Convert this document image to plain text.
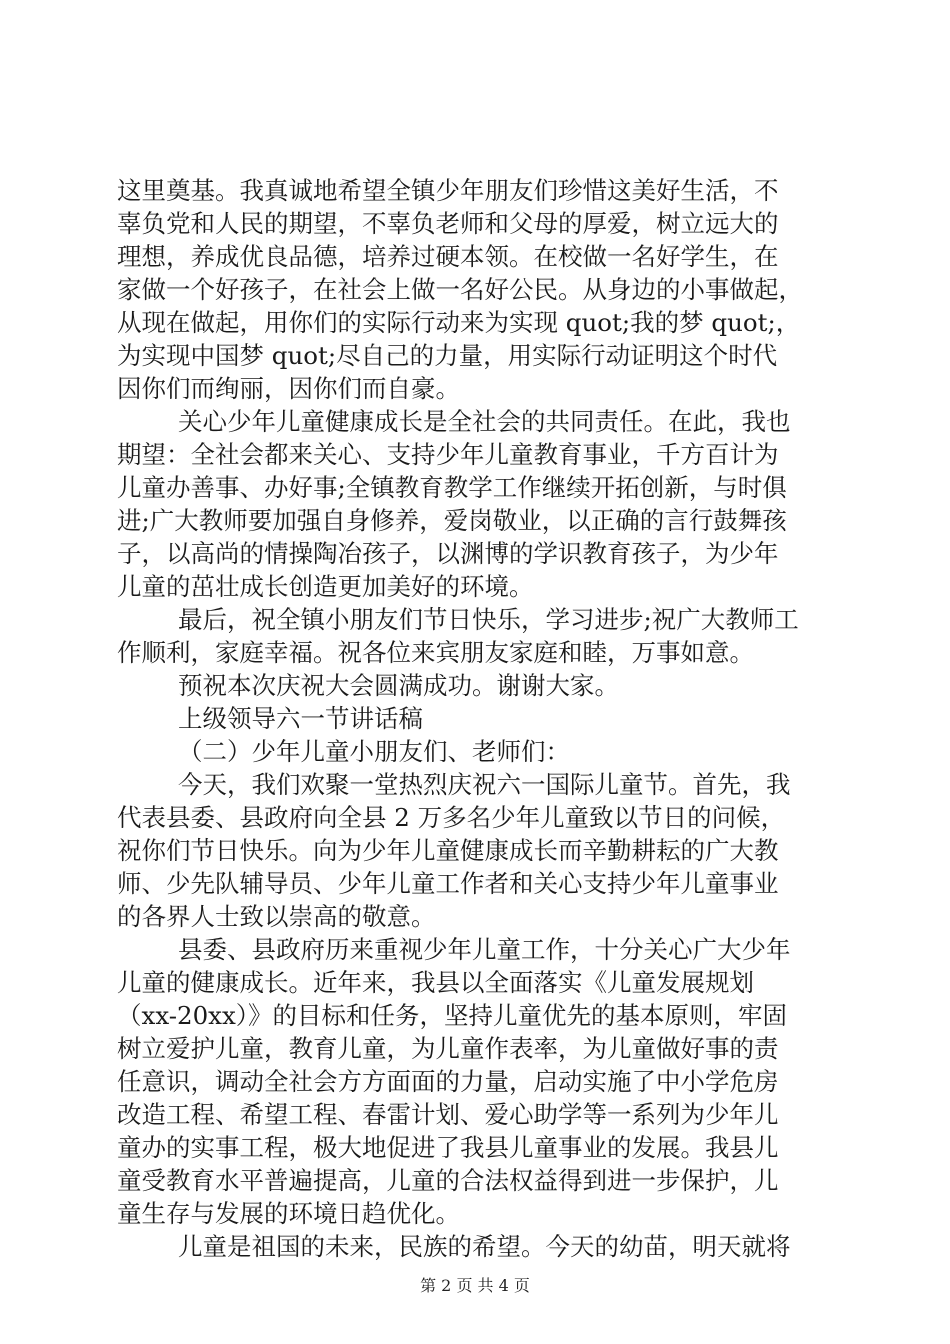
这里奠基。我真诚地希望全镇少年朋友们珍惜这美好生活，不
辜负党和人民的期望，不辜负老师和父母的厚爱，树立远大的
理想，养成优良品德，培养过硬本领。在校做一名好学生，在
家做一个好孩子，在社会上做一名好公民。从身边的小事做起，
从现在做起，用你们的实际行动来为实现 quot;我的梦 quot;，
为实现中国梦 quot;尽自己的力量，用实际行动证明这个时代
因你们而绚丽，因你们而自豪。
关心少年儿童健康成长是全社会的共同责任。在此，我也
期望：全社会都来关心、支持少年儿童教育事业，千方百计为
儿童办善事、办好事;全镇教育教学工作继续开拓创新，与时俱
进;广大教师要加强自身修养，爱岗敬业，以正确的言行鼓舞孩
子，以高尚的情操陶冶孩子，以渊博的学识教育孩子，为少年
儿童的茁壮成长创造更加美好的环境。
最后，祝全镇小朋友们节日快乐，学习进步;祝广大教师工
作顺利，家庭幸福。祝各位来宾朋友家庭和睦，万事如意。
预祝本次庆祝大会圆满成功。谢谢大家。
上级领导六一节讲话稿
（二）少年儿童小朋友们、老师们：
今天，我们欢聚一堂热烈庆祝六一国际儿童节。首先，我
代表县委、县政府向全县 2 万多名少年儿童致以节日的问候，
祝你们节日快乐。向为少年儿童健康成长而辛勤耕耘的广大教
师、少先队辅导员、少年儿童工作者和关心支持少年儿童事业
的各界人士致以崇高的敬意。
县委、县政府历来重视少年儿童工作，十分关心广大少年
儿童的健康成长。近年来，我县以全面落实《儿童发展规划
（xx-20xx）》的目标和任务，坚持儿童优先的基本原则，牢固
树立爱护儿童，教育儿童，为儿童作表率，为儿童做好事的责
任意识，调动全社会方方面面的力量，启动实施了中小学危房
改造工程、希望工程、春雷计划、爱心助学等一系列为少年儿
童办的实事工程，极大地促进了我县儿童事业的发展。我县儿
童受教育水平普遍提高，儿童的合法权益得到进一步保护，儿
童生存与发展的环境日趋优化。
儿童是祖国的未来，民族的希望。今天的幼苗，明天就将
第 2 页 共 4 页
